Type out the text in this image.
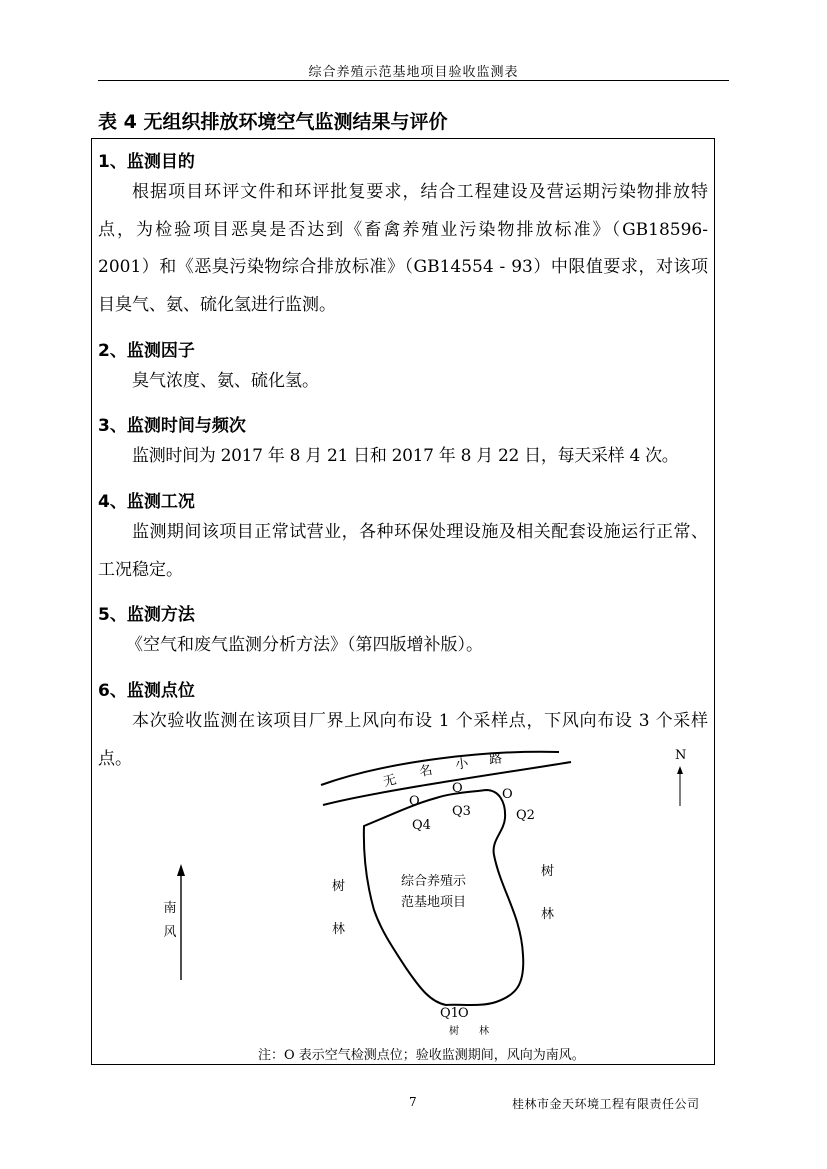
综合养殖示范基地项目验收监测表
表 4 无组织排放环境空气监测结果与评价
1、监测目的
根据项目环评文件和环评批复要求，结合工程建设及营运期污染物排放特点，为检验项目恶臭是否达到《畜禽养殖业污染物排放标准》（GB18596- 2001）和《恶臭污染物综合排放标准》（GB14554 - 93）中限值要求，对该项目臭气、氨、硫化氢进行监测。
2、监测因子
臭气浓度、氨、硫化氢。
3、监测时间与频次
监测时间为 2017 年 8 月 21 日和 2017 年 8 月 22 日，每天采样 4 次。
4、监测工况
监测期间该项目正常试营业，各种环保处理设施及相关配套设施运行正常、工况稳定。
5、监测方法
《空气和废气监测分析方法》（第四版增补版）。
6、监测点位
本次验收监测在该项目厂界上风向布设 1 个采样点，下风向布设 3 个采样点。
无
名 小 路	N
南
风
O
Q4
O
Q3
O
Q2
Q1 O
综合养殖示
范基地项目
树
林
树
林
树 林
注：O 表示空气检测点位；验收监测期间，风向为南风。
7	桂林市金天环境工程有限责任公司
